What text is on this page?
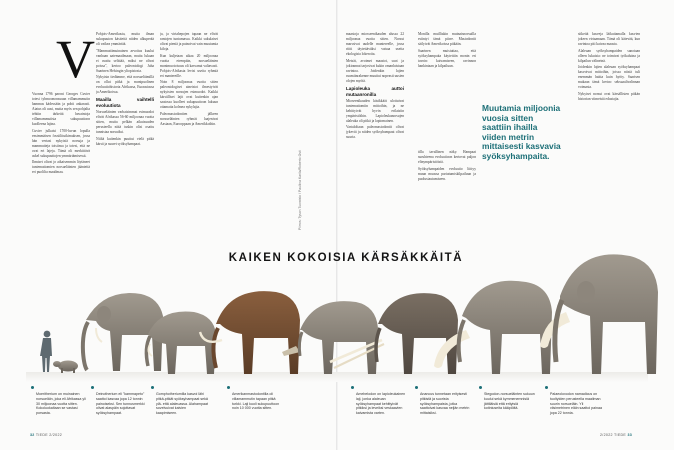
V

Vuonna 1796 paroni Georges Cuvier totesi tyhmoononsuuan villamammutin hammas kädessään ja pohti ankarasti. Aiatus oli uusi, mutta myös sen pohjalta tehtiin tärkeitä havaintoja villamammutista sukupuuttoon kuolleena lajina.

Cuvier julkaisi 1700-luvun lopulla ensimmäisen fossiilitutkimuksen, jossa hän vertasi nykyisiä norsuja ja mammutteja toisiinsa ja totesi, että ne ovat eri lajeja. Tämä oli merkittävä askel sukupuuttojen ymmärtämisessä.

Ihmiset olivat jo aikaisemmin löytäneet tuntemattomien norsueläinten jäänteitä eri puolilta maailmaa.

Pohjois-Amerikasta, mutta ilman sukupuuton käsitettä niiden alkuperää oli vaikea ymmärtää.

"Mammuttimuinainen arvoitus kuului vanhaan aatemaailmaan, mutta lukaan ei osattu selittää, miksi ne olivat poissa", kertoo paleontologi Juha Saarinen Helsingin yliopistosta.

Nykyisin tiedämme, että norsueläimillä on ollut pitkä ja monipuolinen evoluutiohistoria Afrikassa, Euraasiassa ja Amerikoissa.

Maailla vaihtelli evoluutiota

Norsueläinten varhaisimmat esimuodot elivät Afrikassa 56-60 miljoonaa vuotta sitten, mutta pelkän aikuisuuden perusteella niitä tuskin olisi osattu tunnistaa norsuiksi.

Niiltä kuitenkin puuttui vielä pitkä kärsä ja suuret syöksyhampaat.

ja, ja virtahepojen tapaan ne elivät rantojen tuntumassa. Kaikki sukulaiset olivat pieniä ja painoivat vain muutamia kiloja.

Kun kuljetaan aikaa 20 miljoonaa vuotta eteenpäin, norsueläinten monimuotoisuus oli kasvanut valtavasti. Pohjois-Afrikasta levisi useita ryhmiä eri mantereille.

Noin 8 miljoonaa vuotta sitten paleontologiset aineistot ilmestyivät nykyisten norsujen esimuodot. Kaikki kärsälliset lajit ovat kuitenkin ajan saatossa kuolleet sukupuuttoon lukuun ottamatta kolmea nykylajia.

Paleomastodontien jälkeen norsueläinten ryhmät laajenivat Aasiaan, Eurooppaan ja Amerikkoihin.

Piirros: Tyson Tuomisto / Pauliina Karila/Roberto Osti

maastoja miosseenikauden alussa 22 miljoonaa vuotta sitten. Norsut marssivat uudelle mantereelle, jossa riitti täytettäväksi vatsaa useita ekologisia lokeroita.

Metsät, avoimet maastot, suot ja jokirannat tarjosivat kukin omanlaistaan ravintoa. Joidenkin lajien ruumiinrakenne muuttui nopeasti uusien olojen myötä.

Lapioleuka auttoi mutaanronilla

Mioseenikauden käsikkäät ulottuivat tuntemattomiin mittoihin, ja ne kehittyivät hyvin erilaisiin ympäristöihin. Lapioleukanorsujen alaleuka oli pitkä ja lapiomainen.

Vartaloltaan paleomastodontit olivat jykeviä ja niiden syöksyhampaat olivat suuria.

Monilla muilliakin muinaisnorsuilla esiintyi tämä piirre. Mastodontit säilyivät Amerikoissa pitkään.

Saarinen muistuttaa, että syöksyhampaita käytettiin monin eri tavoin: kaivamiseen, ravinnon hankintaan ja kilpailuun.

Muutamia miljoonia vuosia sitten saattiin ihailla viiden metrin mittaisesti kasvavia syöksyhampaita.

tilla tavallinen näky. Hampaat suruhteena evoluutioon kertovat paljon elinympäristöistä.

Syöksyhampaiden evoluutio liittyy muun muassa pariutumiskilpailuun ja puolustautumiseen.

sitkeitä kasveja läikuttamalla kasvien jokeen virtaamaan. Tämä oli kätevää, kun ravintoa piti kaivaa maasta.

Alaleuan syöksyhampaiden sanotaan olleen lukuisia: ne toimivat työkaluina ja kilpailun välineinä.

Joidenkin lajien alaleuan syöksyhampaat kasvoivat mittoihin, joissa niistä tuli enemmän haitta kuin hyöty. Saarisen mukaan tämä kertoo seksuaalivalinnan voimasta.

Nykyiset norsut ovat kärsällisten pitkän historian viimeisiä edustajia.

KAIKEN KOKOISIA KÄRSÄKKÄITÄ
Moeritherium on muinainen norsueläin, joka eli Afrikassa yli 30 miljoonaa vuotta sitten. Kokoluokaltaan se vastasi porsasta.
Deinotherium eli "kammapeto" saattoi kasvaa jopa 12 tonnin painoiseksi. Sen tunnusmerkki olivat alaspäin sojottavat syöksyhampaat.
Gomphotheriumilla kasvoi lähi pitkä-pitkät syöksyhampaat sekä ylä- että alaleuassa. Alahampaat sovelvuivat kaivien kaapimiseen.
Amerikanmastodontilla oli villamammutin tapaan pitkä turkki. Laji kuoli sukupuuttoon noin 10 000 vuotta sitten.
Amebelodon on lapioleukainen laji, jonka alaleuan syöksyhampaat kehittyivät pitkiksi ja leveiksi veskaavien kaivamista varten.
Anancus tunnetaan erityisesti pitkistä ja suorista syöksyhampaista, jotka saattoivat kasvaa neljän metrin mittaisiksi.
Stegodon-norsueläinten sukuun kuului sekä kymmenemnisiä jättiläisiä että erityisiä kotiniuseita kääpiöitä.
Palaeoloxodon namadicus on tuoltyiden perusteella maailman suurin norsueläin. Yli viisimetrinen eläin saattoi painaa jopa 22 tonnia.
32 TIEDE 2/2022	2/2022 TIEDE 33
